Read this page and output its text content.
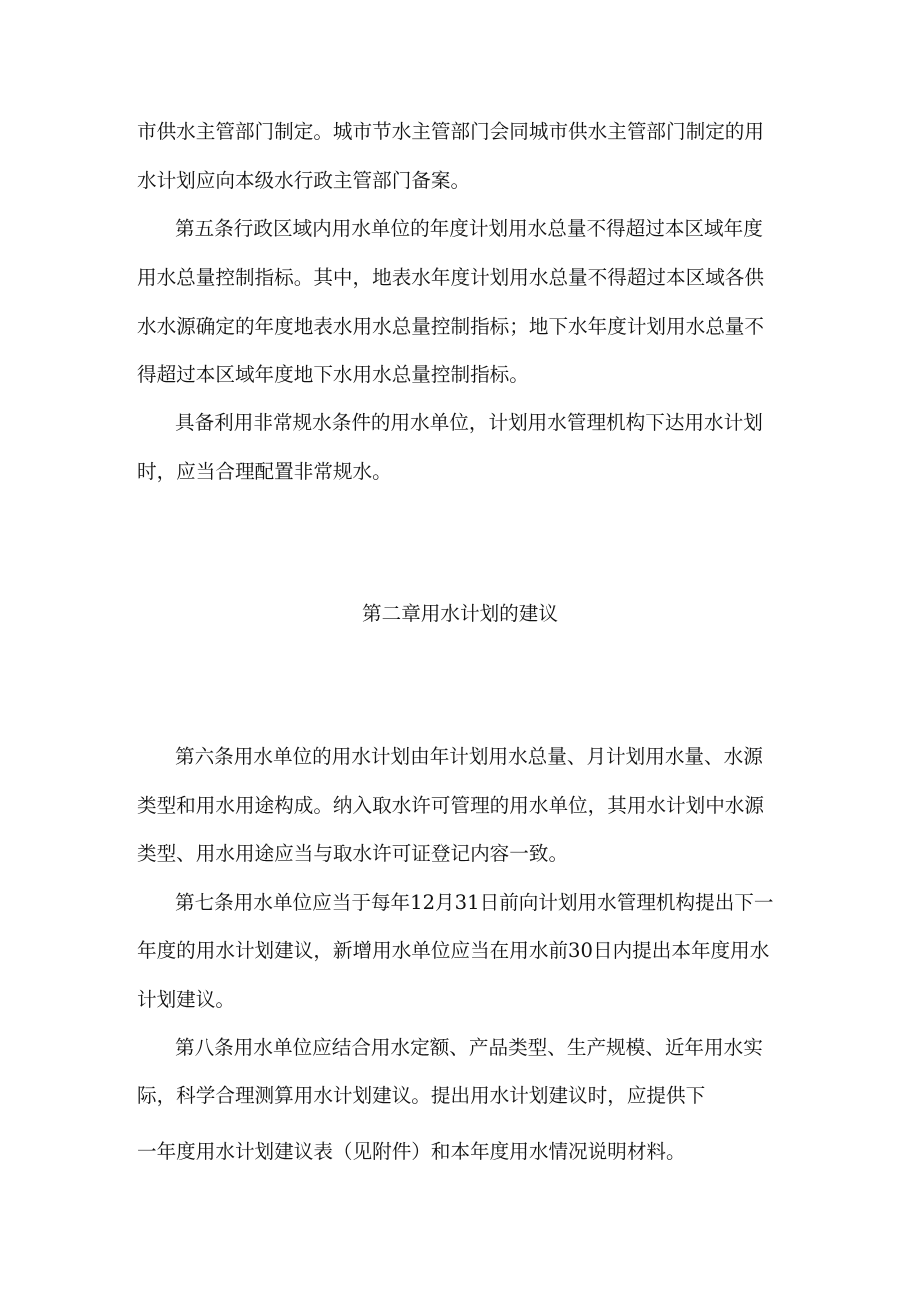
市供水主管部门制定。城市节水主管部门会同城市供水主管部门制定的用

水计划应向本级水行政主管部门备案。

第五条行政区域内用水单位的年度计划用水总量不得超过本区域年度

用水总量控制指标。其中，地表水年度计划用水总量不得超过本区域各供

水水源确定的年度地表水用水总量控制指标；地下水年度计划用水总量不

得超过本区域年度地下水用水总量控制指标。

具备利用非常规水条件的用水单位，计划用水管理机构下达用水计划

时，应当合理配置非常规水。

第二章用水计划的建议

第六条用水单位的用水计划由年计划用水总量、月计划用水量、水源

类型和用水用途构成。纳入取水许可管理的用水单位，其用水计划中水源

类型、用水用途应当与取水许可证登记内容一致。

第七条用水单位应当于每年12月31日前向计划用水管理机构提出下一

年度的用水计划建议，新增用水单位应当在用水前30日内提出本年度用水

计划建议。

第八条用水单位应结合用水定额、产品类型、生产规模、近年用水实

际，科学合理测算用水计划建议。提出用水计划建议时，应提供下

一年度用水计划建议表（见附件）和本年度用水情况说明材料。
